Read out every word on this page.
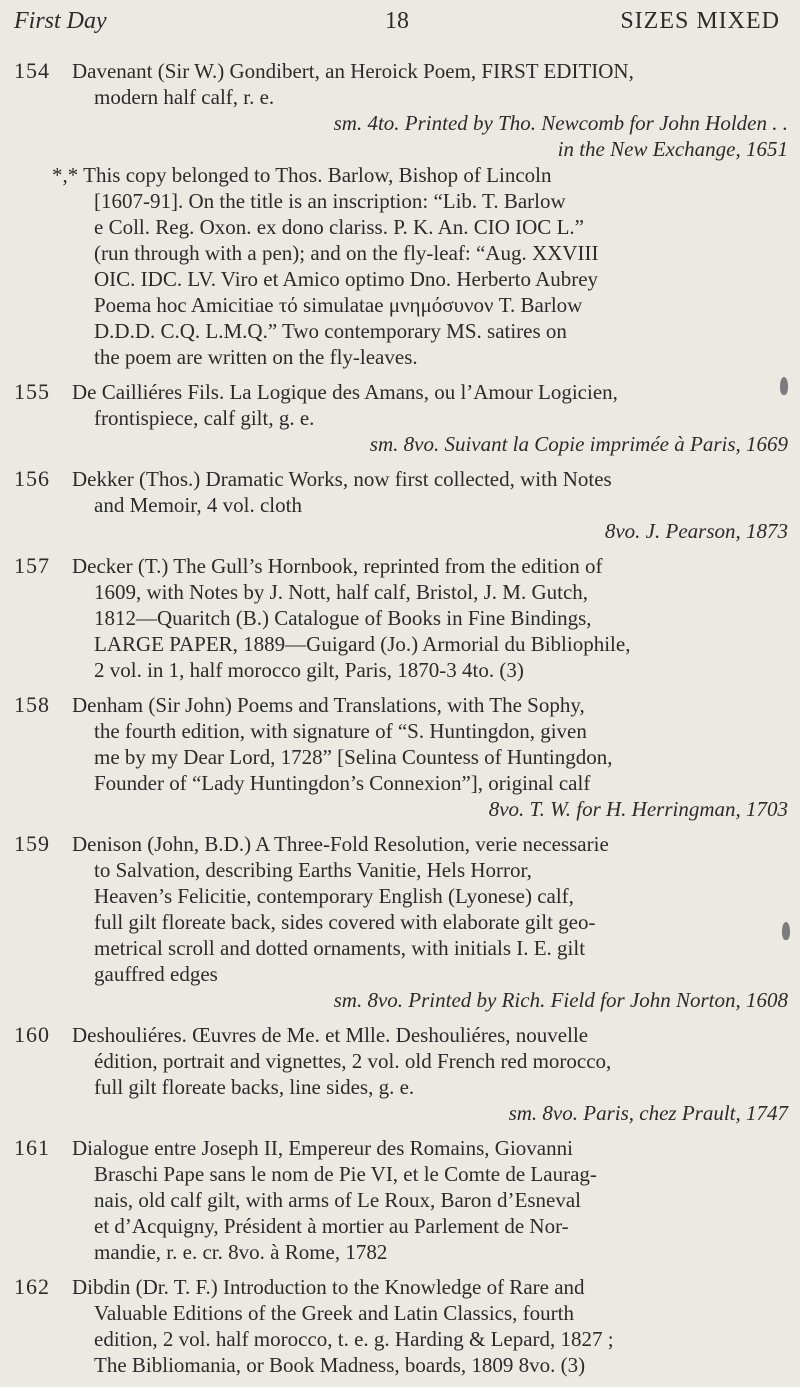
First Day	18	SIZES MIXED
154 Davenant (Sir W.) Gondibert, an Heroick Poem, FIRST EDITION,
modern half calf, r. e.
sm. 4to. Printed by Tho. Newcomb for John Holden . .
in the New Exchange, 1651
*,* This copy belonged to Thos. Barlow, Bishop of Lincoln
[1607-91]. On the title is an inscription: “Lib. T. Barlow
e Coll. Reg. Oxon. ex dono clariss. P. K. An. CIO IOC L.”
(run through with a pen); and on the fly-leaf: “Aug. XXVIII
OIC. IDC. LV. Viro et Amico optimo Dno. Herberto Aubrey
Poema hoc Amicitiae τό simulatae μνημόσυνον T. Barlow
D.D.D. C.Q. L.M.Q.” Two contemporary MS. satires on
the poem are written on the fly-leaves.
155 De Cailliéres Fils. La Logique des Amans, ou l’Amour Logicien,
frontispiece, calf gilt, g. e.
sm. 8vo. Suivant la Copie imprimée à Paris, 1669
156 Dekker (Thos.) Dramatic Works, now first collected, with Notes
and Memoir, 4 vol. cloth
8vo. J. Pearson, 1873
157 Decker (T.) The Gull’s Hornbook, reprinted from the edition of
1609, with Notes by J. Nott, half calf, Bristol, J. M. Gutch,
1812—Quaritch (B.) Catalogue of Books in Fine Bindings,
LARGE PAPER, 1889—Guigard (Jo.) Armorial du Bibliophile,
2 vol. in 1, half morocco gilt, Paris, 1870-3 4to. (3)
158 Denham (Sir John) Poems and Translations, with The Sophy,
the fourth edition, with signature of “S. Huntingdon, given
me by my Dear Lord, 1728” [Selina Countess of Huntingdon,
Founder of “Lady Huntingdon’s Connexion”], original calf
8vo. T. W. for H. Herringman, 1703
159 Denison (John, B.D.) A Three-Fold Resolution, verie necessarie
to Salvation, describing Earths Vanitie, Hels Horror,
Heaven’s Felicitie, contemporary English (Lyonese) calf,
full gilt floreate back, sides covered with elaborate gilt geo-
metrical scroll and dotted ornaments, with initials I. E. gilt
gauffred edges
sm. 8vo. Printed by Rich. Field for John Norton, 1608
160 Deshouliéres. Œuvres de Me. et Mlle. Deshouliéres, nouvelle
édition, portrait and vignettes, 2 vol. old French red morocco,
full gilt floreate backs, line sides, g. e.
sm. 8vo. Paris, chez Prault, 1747
161 Dialogue entre Joseph II, Empereur des Romains, Giovanni
Braschi Pape sans le nom de Pie VI, et le Comte de Laurag-
nais, old calf gilt, with arms of Le Roux, Baron d’Esneval
et d’Acquigny, Président à mortier au Parlement de Nor-
mandie, r. e. cr. 8vo. à Rome, 1782
162 Dibdin (Dr. T. F.) Introduction to the Knowledge of Rare and
Valuable Editions of the Greek and Latin Classics, fourth
edition, 2 vol. half morocco, t. e. g. Harding & Lepard, 1827 ;
The Bibliomania, or Book Madness, boards, 1809 8vo. (3)
